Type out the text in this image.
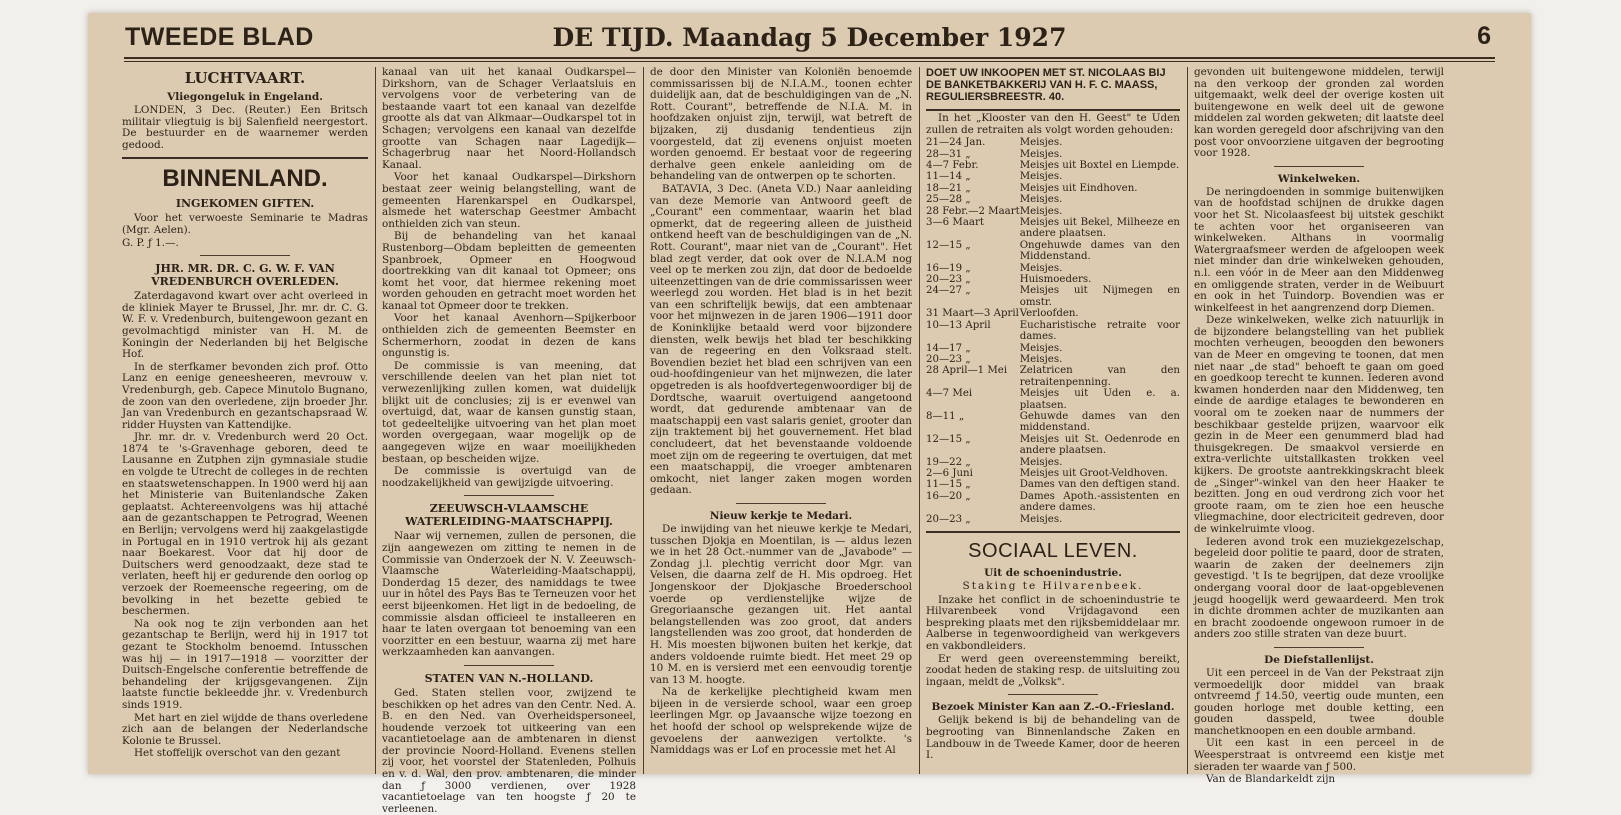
TWEEDE BLAD	DE TIJD. Maandag 5 December 1927	6
LUCHTVAART.
Vliegongeluk in Engeland.

LONDEN, 3 Dec. (Reuter.) Een Britsch militair vliegtuig is bij Salenfield neergestort. De bestuurder en de waarnemer werden gedood.

BINNENLAND.
INGEKOMEN GIFTEN.

Voor het verwoeste Seminarie te Madras (Mgr. Aelen).

G. P. ƒ 1.—.

JHR. MR. DR. C. G. W. F. VAN VREDENBURCH OVERLEDEN.

Zaterdagavond kwart over acht overleed in de kliniek Mayer te Brussel, Jhr. mr. dr. C. G. W. F. v. Vredenburch, buitengewoon gezant en gevolmachtigd minister van H. M. de Koningin der Nederlanden bij het Belgische Hof.

In de sterfkamer bevonden zich prof. Otto Lanz en eenige geneesheeren, mevrouw v. Vredenburgh, geb. Capece Minutolo Bugnano, de zoon van den overledene, zijn broeder Jhr. Jan van Vredenburch en gezantschapsraad W. ridder Huysten van Kattendijke.

Jhr. mr. dr. v. Vredenburch werd 20 Oct. 1874 te 's-Gravenhage geboren, deed te Lausanne en Zutphen zijn gymnasiale studie en volgde te Utrecht de colleges in de rechten en staatswetenschappen. In 1900 werd hij aan het Ministerie van Buitenlandsche Zaken geplaatst. Achtereenvolgens was hij attaché aan de gezantschappen te Petrograd, Weenen en Berlijn; vervolgens werd hij zaakgelastigde in Portugal en in 1910 vertrok hij als gezant naar Boekarest. Voor dat hij door de Duitschers werd genoodzaakt, deze stad te verlaten, heeft hij er gedurende den oorlog op verzoek der Roemeensche regeering, om de bevolking in het bezette gebied te beschermen.

Na ook nog te zijn verbonden aan het gezantschap te Berlijn, werd hij in 1917 tot gezant te Stockholm benoemd. Intusschen was hij — in 1917—1918 — voorzitter der Duitsch-Engelsche conferentie betreffende de behandeling der krijgsgevangenen. Zijn laatste functie bekleedde jhr. v. Vredenburch sinds 1919.

Met hart en ziel wijdde de thans overledene zich aan de belangen der Nederlandsche Kolonie te Brussel.

Het stoffelijk overschot van den gezant

kanaal van uit het kanaal Oudkarspel—Dirkshorn, van de Schager Verlaatsluis en vervolgens voor de verbetering van de bestaande vaart tot een kanaal van dezelfde grootte als dat van Alkmaar—Oudkarspel tot in Schagen; vervolgens een kanaal van dezelfde grootte van Schagen naar Lagedijk—Schagerbrug naar het Noord-Hollandsch Kanaal.

Voor het kanaal Oudkarspel—Dirkshorn bestaat zeer weinig belangstelling, want de gemeenten Harenkarspel en Oudkarspel, alsmede het waterschap Geestmer Ambacht onthielden zich van steun.

Bij de behandeling van het kanaal Rustenborg—Obdam bepleitten de gemeenten Spanbroek, Opmeer en Hoogwoud doortrekking van dit kanaal tot Opmeer; ons komt het voor, dat hiermee rekening moet worden gehouden en getracht moet worden het kanaal tot Opmeer door te trekken.

Voor het kanaal Avenhorn—Spijkerboor onthielden zich de gemeenten Beemster en Schermerhorn, zoodat in dezen de kans ongunstig is.

De commissie is van meening, dat verschillende deelen van het plan niet tot verwezenlijking zullen komen, wat duidelijk blijkt uit de conclusies; zij is er evenwel van overtuigd, dat, waar de kansen gunstig staan, tot gedeeltelijke uitvoering van het plan moet worden overgegaan, waar mogelijk op de aangegeven wijze en waar moeilijkheden bestaan, op bescheiden wijze.

De commissie is overtuigd van de noodzakelijkheid van gewijzigde uitvoering.

ZEEUWSCH-VLAAMSCHE WATERLEIDING-MAATSCHAPPIJ.

Naar wij vernemen, zullen de personen, die zijn aangewezen om zitting te nemen in de Commissie van Onderzoek der N. V. Zeeuwsch-Vlaamsche Waterleiding-Maatschappij, Donderdag 15 dezer, des namiddags te twee uur in hôtel des Pays Bas te Terneuzen voor het eerst bijeenkomen. Het ligt in de bedoeling, de commissie alsdan officieel te installeeren en haar te laten overgaan tot benoeming van een voorzitter en een bestuur, waarna zij met hare werkzaamheden kan aanvangen.

STATEN VAN N.-HOLLAND.

Ged. Staten stellen voor, zwijzend te beschikken op het adres van den Centr. Ned. A. B. en den Ned. van Overheidspersoneel, houdende verzoek tot uitkeering van een vacantietoelage aan de ambtenaren in dienst der provincie Noord-Holland. Evenens stellen zij voor, het voorstel der Statenleden, Polhuis en v. d. Wal, den prov. ambtenaren, die minder dan ƒ 3000 verdienen, over 1928 vacantietoelage van ten hoogste ƒ 20 te verleenen.

de door den Minister van Koloniën benoemde commissarissen bij de N.I.A.M., toonen echter duidelijk aan, dat de beschuldigingen van de „N. Rott. Courant", betreffende de N.I.A. M. in hoofdzaken onjuist zijn, terwijl, wat betreft de bijzaken, zij dusdanig tendentieus zijn voorgesteld, dat zij evenens onjuist moeten worden genoemd. Er bestaat voor de regeering derhalve geen enkele aanleiding om de behandeling van de ontwerpen op te schorten.

BATAVIA, 3 Dec. (Aneta V.D.) Naar aanleiding van deze Memorie van Antwoord geeft de „Courant" een commentaar, waarin het blad opmerkt, dat de regeering alleen de juistheid ontkend heeft van de beschuldigingen van de „N. Rott. Courant", maar niet van de „Courant". Het blad zegt verder, dat ook over de N.I.A.M nog veel op te merken zou zijn, dat door de bedoelde uiteenzettingen van de drie commissarissen weer weerlegd zou worden. Het blad is in het bezit van een schriftelijk bewijs, dat een ambtenaar voor het mijnwezen in de jaren 1906—1911 door de Koninklijke betaald werd voor bijzondere diensten, welk bewijs het blad ter beschikking van de regeering en den Volksraad stelt. Bovendien beziet het blad een schrijven van een oud-hoofdingenieur van het mijnwezen, die later opgetreden is als hoofdvertegenwoordiger bij de Dordtsche, waaruit overtuigend aangetoond wordt, dat gedurende ambtenaar van de maatschappij een vast salaris geniet, grooter dan zijn traktement bij het gouvernement. Het blad concludeert, dat het bevenstaande voldoende moet zijn om de regeering te overtuigen, dat met een maatschappij, die vroeger ambtenaren omkocht, niet langer zaken mogen worden gedaan.

Nieuw kerkje te Medari.

De inwijding van het nieuwe kerkje te Medari, tusschen Djokja en Moentilan, is — aldus lezen we in het 28 Oct.-nummer van de „Javabode" — Zondag j.l. plechtig verricht door Mgr. van Velsen, die daarna zelf de H. Mis opdroeg. Het Jongenskoor der Djokjasche Broederschool voerde op verdienstelijke wijze de Gregoriaansche gezangen uit. Het aantal belangstellenden was zoo groot, dat anders langstellenden was zoo groot, dat honderden de H. Mis moesten bijwonen buiten het kerkje, dat anders voldoende ruimte biedt. Het meet 29 op 10 M. en is versierd met een eenvoudig torentje van 13 M. hoogte.

Na de kerkelijke plechtigheid kwam men bijeen in de versierde school, waar een groep leerlingen Mgr. op Javaansche wijze toezong en het hoofd der school op welsprekende wijze de gevoelens der aanwezigen vertolkte. 's Namiddags was er Lof en processie met het Al

DOET UW INKOOPEN MET ST. NICOLAAS BIJ DE BANKETBAKKERIJ VAN H. F. C. MAASS, REGULIERSBREESTR. 40.

In het „Klooster van den H. Geest" te Uden zullen de retraiten als volgt worden gehouden:

21—24 Jan.	Meisjes.
28—31 „	Meisjes.
4—7 Febr.	Meisjes uit Boxtel en Liempde.
11—14 „	Meisjes.
18—21 „	Meisjes uit Eindhoven.
25—28 „	Meisjes.
28 Febr.—2 Maart	Meisjes.
3—6 Maart	Meisjes uit Bekel, Milheeze en andere plaatsen.
12—15 „	Ongehuwde dames van den Middenstand.
16—19 „	Meisjes.
20—23 „	Huismoeders.
24—27 „	Meisjes uit Nijmegen en omstr.
31 Maart—3 April	Verloofden.
10—13 April	Eucharistische retraite voor dames.
14—17 „	Meisjes.
20—23 „	Meisjes.
28 April—1 Mei	Zelatricen van den retraitenpenning.
4—7 Mei	Meisjes uit Uden e. a. plaatsen.
8—11 „	Gehuwde dames van den middenstand.
12—15 „	Meisjes uit St. Oedenrode en andere plaatsen.
19—22 „	Meisjes.
2—6 Juni	Meisjes uit Groot-Veldhoven.
11—15 „	Dames van den deftigen stand.
16—20 „	Dames Apoth.-assistenten en andere dames.
20—23 „	Meisjes.
SOCIAAL LEVEN.
Uit de schoenindustrie.
Staking te Hilvarenbeek.

Inzake het conflict in de schoenindustrie te Hilvarenbeek vond Vrijdagavond een bespreking plaats met den rijksbemiddelaar mr. Aalberse in tegenwoordigheid van werkgevers en vakbondleiders.

Er werd geen overeenstemming bereikt, zoodat heden de staking resp. de uitsluiting zou ingaan, meldt de „Volksk".

Bezoek Minister Kan aan Z.-O.-Friesland.

Gelijk bekend is bij de behandeling van de begrooting van Binnenlandsche Zaken en Landbouw in de Tweede Kamer, door de heeren I.

gevonden uit buitengewone middelen, terwijl na den verkoop der gronden zal worden uitgemaakt, welk deel der overige kosten uit buitengewone en welk deel uit de gewone middelen zal worden gekweten; dit laatste deel kan worden geregeld door afschrijving van den post voor onvoorziene uitgaven der begrooting voor 1928.

Winkelweken.

De neringdoenden in sommige buitenwijken van de hoofdstad schijnen de drukke dagen voor het St. Nicolaasfeest bij uitstek geschikt te achten voor het organiseeren van winkelweken. Althans in voormalig Watergraafsmeer werden de afgeloopen week niet minder dan drie winkelweken gehouden, n.l. een vóór in de Meer aan den Middenweg en omliggende straten, verder in de Weibuurt en ook in het Tuindorp. Bovendien was er winkelfeest in het aangrenzend dorp Diemen.

Deze winkelweken, welke zich natuurlijk in de bijzondere belangstelling van het publiek mochten verheugen, beoogden den bewoners van de Meer en omgeving te toonen, dat men niet naar „de stad" behoeft te gaan om goed en goedkoop terecht te kunnen. Iederen avond kwamen honderden naar den Middenweg, ten einde de aardige etalages te bewonderen en vooral om te zoeken naar de nummers der beschikbaar gestelde prijzen, waarvoor elk gezin in de Meer een genummerd blad had thuisgekregen. De smaakvol versierde en extra-verlichte uitstallkasten trokken veel kijkers. De grootste aantrekkingskracht bleek de „Singer"-winkel van den heer Haaker te bezitten. Jong en oud verdrong zich voor het groote raam, om te zien hoe een heusche vliegmachine, door electriciteit gedreven, door de winkelruimte vloog.

Iederen avond trok een muziekgezelschap, begeleid door politie te paard, door de straten, waarin de zaken der deelnemers zijn gevestigd. 't Is te begrijpen, dat deze vroolijke ondergang vooral door de laat-opgeblevenen jeugd hoogelijk werd gewaardeerd. Men trok in dichte drommen achter de muzikanten aan en bracht zoodoende ongewoon rumoer in de anders zoo stille straten van deze buurt.

De Diefstallenlijst.

Uit een perceel in de Van der Pekstraat zijn vermoedelijk door middel van braak ontvreemd ƒ 14.50, veertig oude munten, een gouden horloge met double ketting, een gouden dasspeld, twee double manchetknoopen en een double armband.

Uit een kast in een perceel in de Weesperstraat is ontvreemd een kistje met sieraden ter waarde van ƒ 500.

Van de Blandarkeldt zijn
